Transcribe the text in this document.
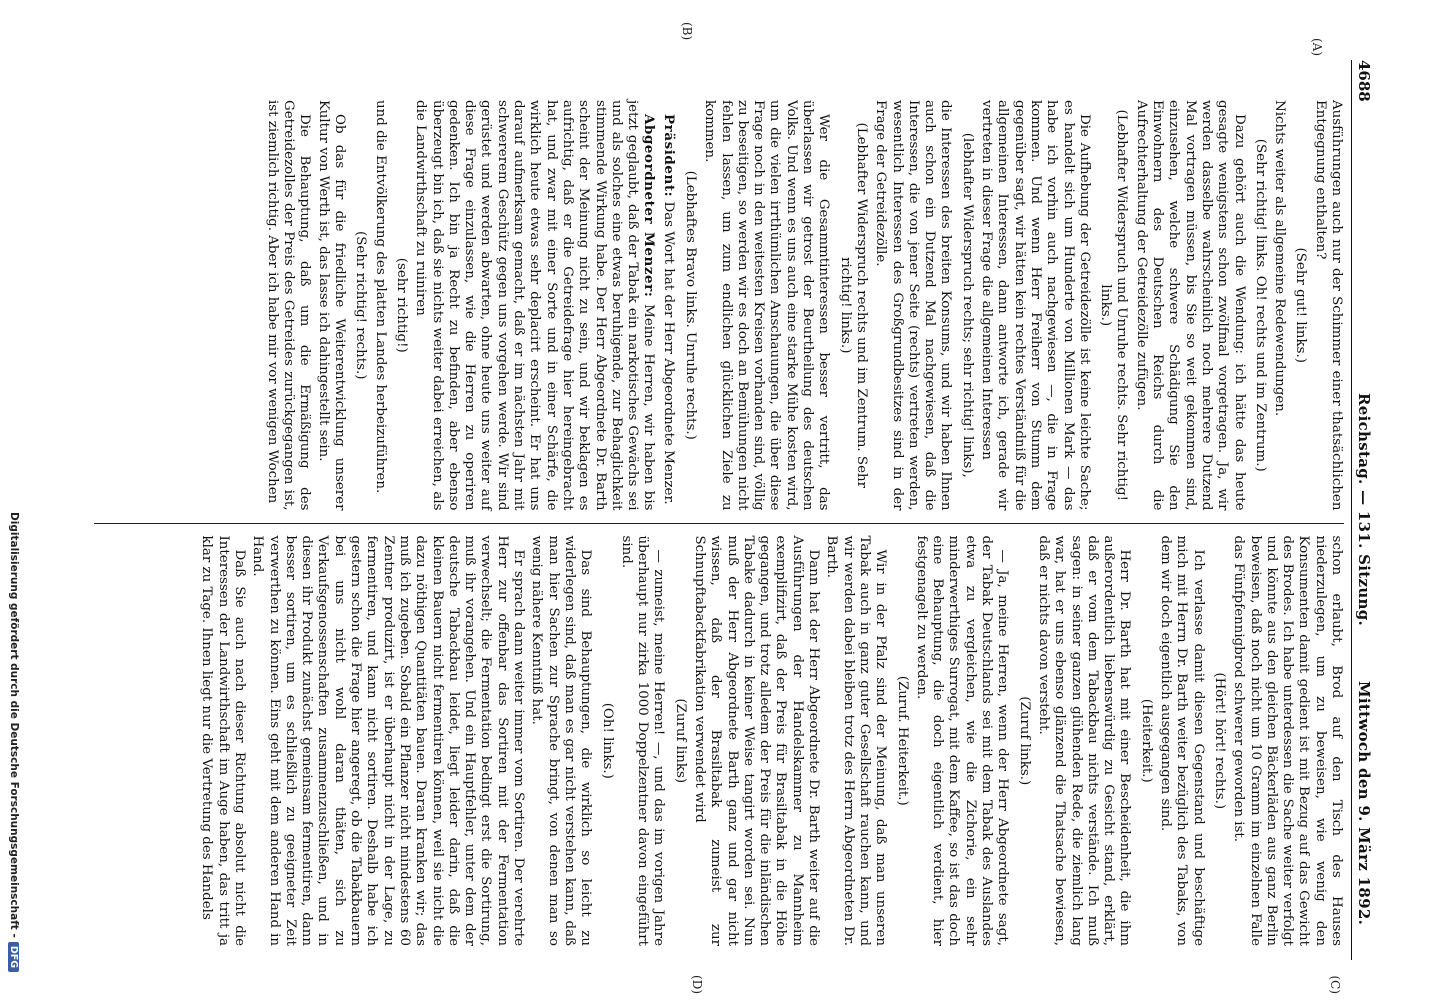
4688
Reichstag. — 131. Sitzung.
Mittwoch den 9. März 1892.
(A)
(B)
(C)
(D)

Ausführungen auch nur der Schimmer einer thatsächlichen Entgegnung enthalten?

(Sehr gut! links.)

Nichts weiter als allgemeine Redewendungen.

(Sehr richtig! links. Oh! rechts und im Zentrum.)

Dazu gehört auch die Wendung: ich hätte das heute gesagte wenigstens schon zwölfmal vorgetragen. Ja, wir werden dasselbe wahrscheinlich noch mehrere Dutzend Mal vortragen müssen, bis Sie so weit gekommen sind, einzusehen, welche schwere Schädigung Sie den Einwohnern des Deutschen Reichs durch die Aufrechterhaltung der Getreidezölle zufügen.

(Lebhafter Widerspruch und Unruhe rechts. Sehr richtig! links.)

Die Aufhebung der Getreidezölle ist keine leichte Sache; es handelt sich um Hunderte von Millionen Mark — das habe ich vorhin auch nachgewiesen —, die in Frage kommen. Und wenn Herr Freiherr von Stumm dem gegenüber sagt, wir hätten kein rechtes Verständniß für die allgemeinen Interessen, dann antworte ich, gerade wir vertreten in dieser Frage die allgemeinen Interessen

(lebhafter Widerspruch rechts; sehr richtig! links),

die Interessen des breiten Konsums, und wir haben Ihnen auch schon ein Dutzend Mal nachgewiesen, daß die Interessen, die von jener Seite (rechts) vertreten werden, wesentlich Interessen des Großgrundbesitzes sind in der Frage der Getreidezölle.

(Lebhafter Widerspruch rechts und im Zentrum. Sehr richtig! links.)

Wer die Gesammtinteressen besser vertritt, das überlassen wir getrost der Beurtheilung des deutschen Volks. Und wenn es uns auch eine starke Mühe kosten wird, um die vielen irrthümlichen Anschauungen, die über diese Frage noch in den weitesten Kreisen vorhanden sind, völlig zu beseitigen, so werden wir es doch an Bemühungen nicht fehlen lassen, um zum endlichen glücklichen Ziele zu kommen.

(Lebhaftes Bravo links. Unruhe rechts.)

Präsident: Das Wort hat der Herr Abgeordnete Menzer.

Abgeordneter Menzer: Meine Herren, wir haben bis jetzt geglaubt, daß der Tabak ein narkotisches Gewächs sei und als solches eine etwas beruhigende, zur Behaglichkeit stimmende Wirkung habe. Der Herr Abgeordnete Dr. Barth scheint der Meinung nicht zu sein, und wir beklagen es aufrichtig, daß er die Getreidefrage hier hereingebracht hat, und zwar mit einer Sorte und in einer Schärfe, die wirklich heute etwas sehr deplacirt erscheint. Er hat uns darauf aufmerksam gemacht, daß er im nächsten Jahr mit schwererem Geschütz gegen uns vorgehen werde. Wir sind gerüstet und werden abwarten, ohne heute uns weiter auf diese Frage einzulassen, wie die Herren zu operiren gedenken. Ich bin ja Recht zu befinden, aber ebenso überzeugt bin ich, daß sie nichts weiter dabei erreichen, als die Landwirthschaft zu ruiniren

(sehr richtig!)

und die Entvölkerung des platten Landes herbeizuführen.

(Sehr richtig! rechts.)

Ob das für die friedliche Weiterentwicklung unserer Kultur von Werth ist, das lasse ich dahingestellt sein.

Die Behauptung, daß um die Ermäßigung des Getreidezolles der Preis des Getreides zurückgegangen ist, ist ziemlich richtig. Aber ich habe mir vor wenigen Wochen

schon erlaubt, Brod auf den Tisch des Hauses niederzulegen, um zu beweisen, wie wenig den Konsumenten damit gedient ist mit Bezug auf das Gewicht des Brodes. Ich habe unterdessen die Sache weiter verfolgt und könnte aus den gleichen Bäckerläden aus ganz Berlin beweisen, daß noch nicht um 10 Gramm im einzelnen Falle das Fünfpfennigbrod schwerer geworden ist.

(Hört! hört! rechts.)

Ich verlasse damit diesen Gegenstand und beschäftige mich mit Herrn Dr. Barth weiter bezüglich des Tabaks, von dem wir doch eigentlich ausgegangen sind.

(Heiterkeit.)

Herr Dr. Barth hat mit einer Bescheidenheit, die ihm außerordentlich liebenswürdig zu Gesicht stand, erklärt, daß er vom dem Tabackbau nichts verstände. Ich muß sagen: in seiner ganzen glühenden Rede, die ziemlich lang war, hat er uns ebenso glänzend die Thatsache bewiesen, daß er nichts davon versteht.

(Zuruf links.)

— Ja, meine Herren, wenn der Herr Abgeordnete sagt, der Tabak Deutschlands sei mit dem Tabak des Auslandes etwa zu vergleichen, wie die Zichorie, ein sehr minderwerthiges Surrogat, mit dem Kaffee, so ist das doch eine Behauptung, die doch eigentlich verdient, hier festgenagelt zu werden.

(Zuruf. Heiterkeit.)

Wir in der Pfalz sind der Meinung, daß man unseren Tabak auch in ganz guter Gesellschaft rauchen kann, und wir werden dabei bleiben trotz des Herrn Abgeordneten Dr. Barth.

Dann hat der Herr Abgeordnete Dr. Barth weiter auf die Ausführungen der Handelskammer zu Mannheim exemplifizirt, daß der Preis für Brasiltabak in die Höhe gegangen, und trotz alledem der Preis für die inländischen Tabake dadurch in keiner Weise tangirt worden sei. Nun muß der Herr Abgeordnete Barth ganz und gar nicht wissen, daß der Brasiltabak zumeist zur Schnupftabackfabrikation verwendet wird

(Zuruf links)

— zumeist, meine Herren! —, und das im vorigen Jahre überhaupt nur zirka 1000 Doppelzentner davon eingeführt sind.

(Oh! links.)

Das sind Behauptungen, die wirklich so leicht zu widerlegen sind, daß man es gar nicht verstehen kann, daß man hier Sachen zur Sprache bringt, von denen man so wenig nähere Kenntniß hat.

Er sprach dann weiter immer vom Sortiren. Der verehrte Herr zur offenbar das Sortiren mit der Fermentation verwechselt; die Fermentation bedingt erst die Sortirung, muß ihr vorangehen. Und ein Hauptfehler, unter dem der deutsche Tabackbau leidet, liegt leider darin, daß die kleinen Bauern nicht fermentiren können, weil sie nicht die dazu nöthigen Quantitäten bauen. Daran kranken wir; das muß ich zugeben. Sobald ein Pflanzer nicht mindestens 60 Zentner produzirt, ist er überhaupt nicht in der Lage, zu fermentiren, und kann nicht sortiren. Deshalb habe ich gestern schon die Frage hier angeregt, ob die Tabakbauern bei uns nicht wohl daran thäten, sich zu Verkaufsgenossenschaften zusammenzuschließen, und in diesen ihr Produkt zunächst gemeinsam fermentiren, dann besser sortiren, um es schließlich zu geeigneter Zeit verwerthen zu können. Eins geht mit dem anderen Hand in Hand.

Daß Sie auch nach dieser Richtung absolut nicht die Interessen der Landwirthschaft im Auge haben, das tritt ja klar zu Tage. Ihnen liegt nur die Vertretung des Handels

Digitalisierung gefördert durch die Deutsche Forschungsgemeinschaft -DFG
